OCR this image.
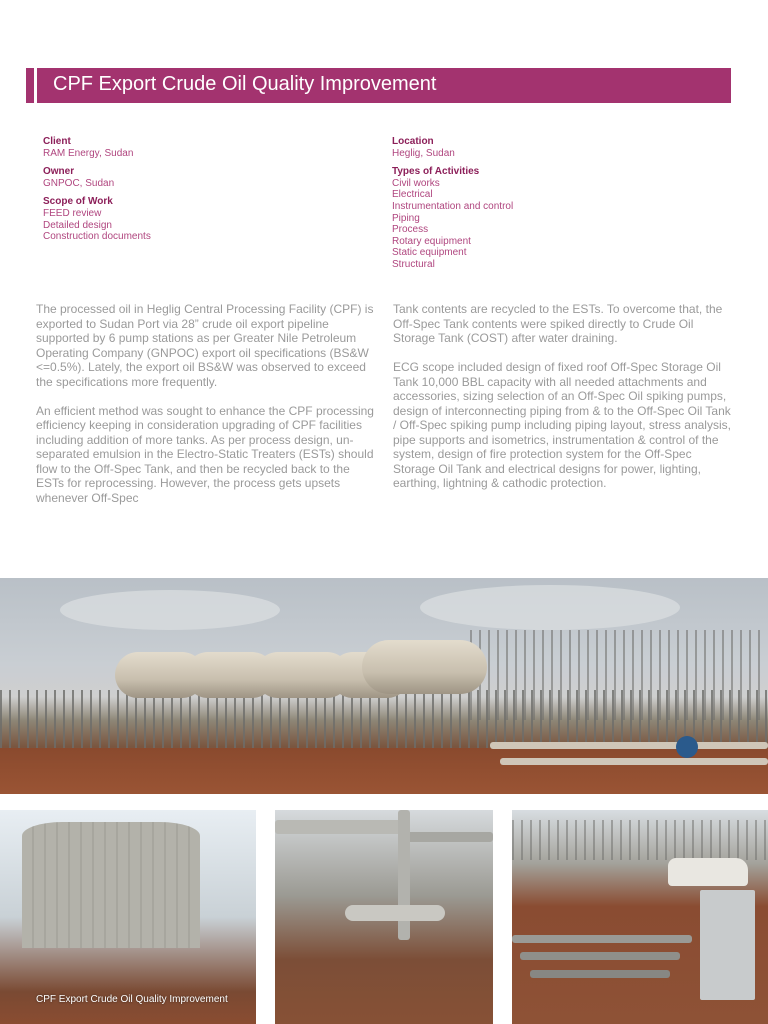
CPF Export Crude Oil Quality Improvement
Client
RAM Energy, Sudan
Owner
GNPOC, Sudan
Scope of Work
FEED review
Detailed design
Construction documents
Location
Heglig, Sudan
Types of Activities
Civil works
Electrical
Instrumentation and control
Piping
Process
Rotary equipment
Static equipment
Structural

The processed oil in Heglig Central Processing Facility (CPF) is exported to Sudan Port via 28” crude oil export pipeline supported by 6 pump stations as per Greater Nile Petroleum Operating Company (GNPOC) export oil specifications (BS&W <=0.5%). Lately, the export oil BS&W was observed to exceed the specifications more frequently.

An efficient method was sought to enhance the CPF processing efficiency keeping in consideration upgrading of CPF facilities including addition of more tanks. As per process design, un-separated emulsion in the Electro-Static Treaters (ESTs) should flow to the Off-Spec Tank, and then be recycled back to the ESTs for reprocessing. However, the process gets upsets whenever Off-Spec

Tank contents are recycled to the ESTs. To overcome that, the Off-Spec Tank contents were spiked directly to Crude Oil Storage Tank (COST) after water draining.

ECG scope included design of fixed roof Off-Spec Storage Oil Tank 10,000 BBL capacity with all needed attachments and accessories, sizing selection of an Off-Spec Oil spiking pumps, design of interconnecting piping from & to the Off-Spec Oil Tank / Off-Spec spiking pump including piping layout, stress analysis, pipe supports and isometrics, instrumentation & control of the system, design of fire protection system for the Off-Spec Storage Oil Tank and electrical designs for power, lighting, earthing, lightning & cathodic protection.

CPF Export Crude Oil Quality Improvement
